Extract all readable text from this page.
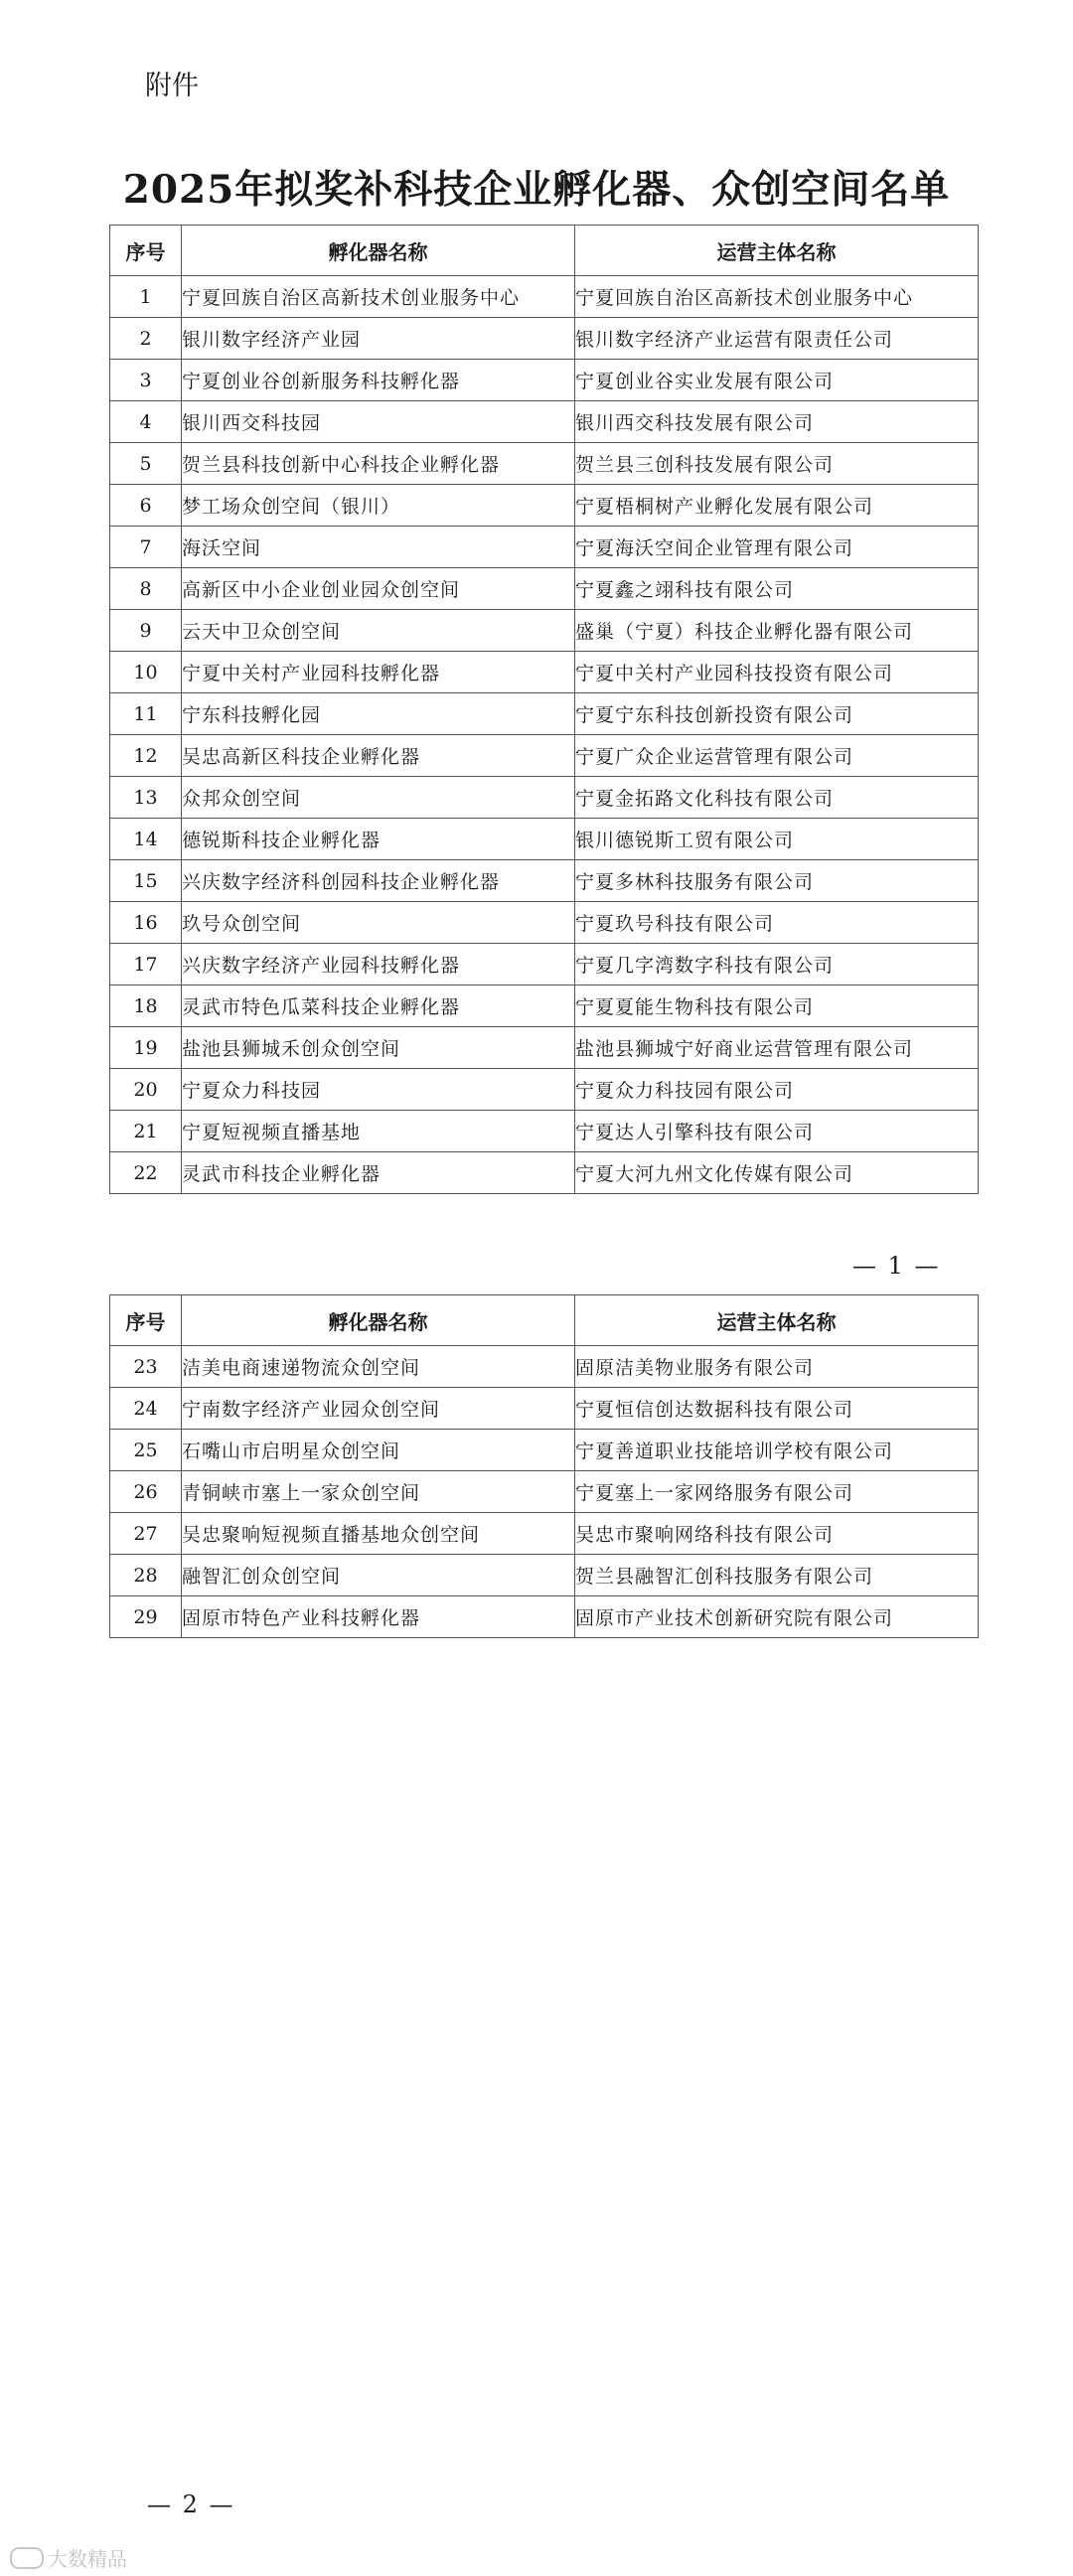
附件
2025年拟奖补科技企业孵化器、众创空间名单
序号	孵化器名称	运营主体名称
1	宁夏回族自治区高新技术创业服务中心	宁夏回族自治区高新技术创业服务中心
2	银川数字经济产业园	银川数字经济产业运营有限责任公司
3	宁夏创业谷创新服务科技孵化器	宁夏创业谷实业发展有限公司
4	银川西交科技园	银川西交科技发展有限公司
5	贺兰县科技创新中心科技企业孵化器	贺兰县三创科技发展有限公司
6	梦工场众创空间（银川）	宁夏梧桐树产业孵化发展有限公司
7	海沃空间	宁夏海沃空间企业管理有限公司
8	高新区中小企业创业园众创空间	宁夏鑫之翊科技有限公司
9	云天中卫众创空间	盛巢（宁夏）科技企业孵化器有限公司
10	宁夏中关村产业园科技孵化器	宁夏中关村产业园科技投资有限公司
11	宁东科技孵化园	宁夏宁东科技创新投资有限公司
12	吴忠高新区科技企业孵化器	宁夏广众企业运营管理有限公司
13	众邦众创空间	宁夏金拓路文化科技有限公司
14	德锐斯科技企业孵化器	银川德锐斯工贸有限公司
15	兴庆数字经济科创园科技企业孵化器	宁夏多林科技服务有限公司
16	玖号众创空间	宁夏玖号科技有限公司
17	兴庆数字经济产业园科技孵化器	宁夏几字湾数字科技有限公司
18	灵武市特色瓜菜科技企业孵化器	宁夏夏能生物科技有限公司
19	盐池县狮城禾创众创空间	盐池县狮城宁好商业运营管理有限公司
20	宁夏众力科技园	宁夏众力科技园有限公司
21	宁夏短视频直播基地	宁夏达人引擎科技有限公司
22	灵武市科技企业孵化器	宁夏大河九州文化传媒有限公司
— 1 —
序号	孵化器名称	运营主体名称
23	洁美电商速递物流众创空间	固原洁美物业服务有限公司
24	宁南数字经济产业园众创空间	宁夏恒信创达数据科技有限公司
25	石嘴山市启明星众创空间	宁夏善道职业技能培训学校有限公司
26	青铜峡市塞上一家众创空间	宁夏塞上一家网络服务有限公司
27	吴忠聚响短视频直播基地众创空间	吴忠市聚响网络科技有限公司
28	融智汇创众创空间	贺兰县融智汇创科技服务有限公司
29	固原市特色产业科技孵化器	固原市产业技术创新研究院有限公司
— 2 —
大数精品
